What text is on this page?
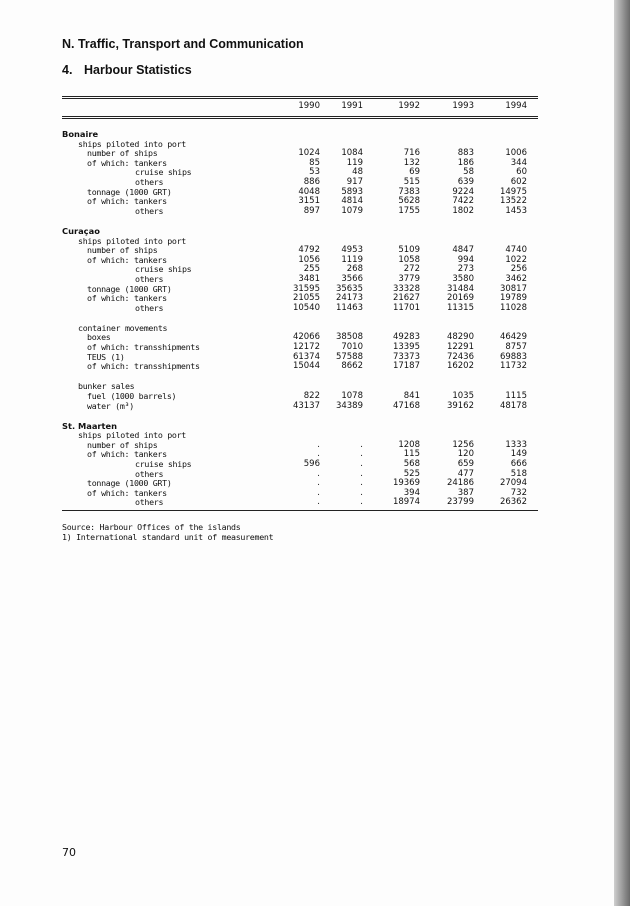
N. Traffic, Transport and Communication
4. Harbour Statistics
1990	1991	1992	1993	1994
Bonaire
ships piloted into port
number of ships	1024	1084	716	883	1006
of which: tankers	85	119	132	186	344
cruise ships	53	48	69	58	60
others	886	917	515	639	602
tonnage (1000 GRT)	4048	5893	7383	9224	14975
of which: tankers	3151	4814	5628	7422	13522
others	897	1079	1755	1802	1453
Curaçao
ships piloted into port
number of ships	4792	4953	5109	4847	4740
of which: tankers	1056	1119	1058	994	1022
cruise ships	255	268	272	273	256
others	3481	3566	3779	3580	3462
tonnage (1000 GRT)	31595	35635	33328	31484	30817
of which: tankers	21055	24173	21627	20169	19789
others	10540	11463	11701	11315	11028
container movements
boxes	42066	38508	49283	48290	46429
of which: transshipments	12172	7010	13395	12291	8757
TEUS (1)	61374	57588	73373	72436	69883
of which: transshipments	15044	8662	17187	16202	11732
bunker sales
fuel (1000 barrels)	822	1078	841	1035	1115
water (m³)	43137	34389	47168	39162	48178
St. Maarten
ships piloted into port
number of ships	.	.	1208	1256	1333
of which: tankers	.	.	115	120	149
cruise ships	596	.	568	659	666
others	.	.	525	477	518
tonnage (1000 GRT)	.	.	19369	24186	27094
of which: tankers	.	.	394	387	732
others	.	.	18974	23799	26362
Source: Harbour Offices of the islands
1) International standard unit of measurement
70
